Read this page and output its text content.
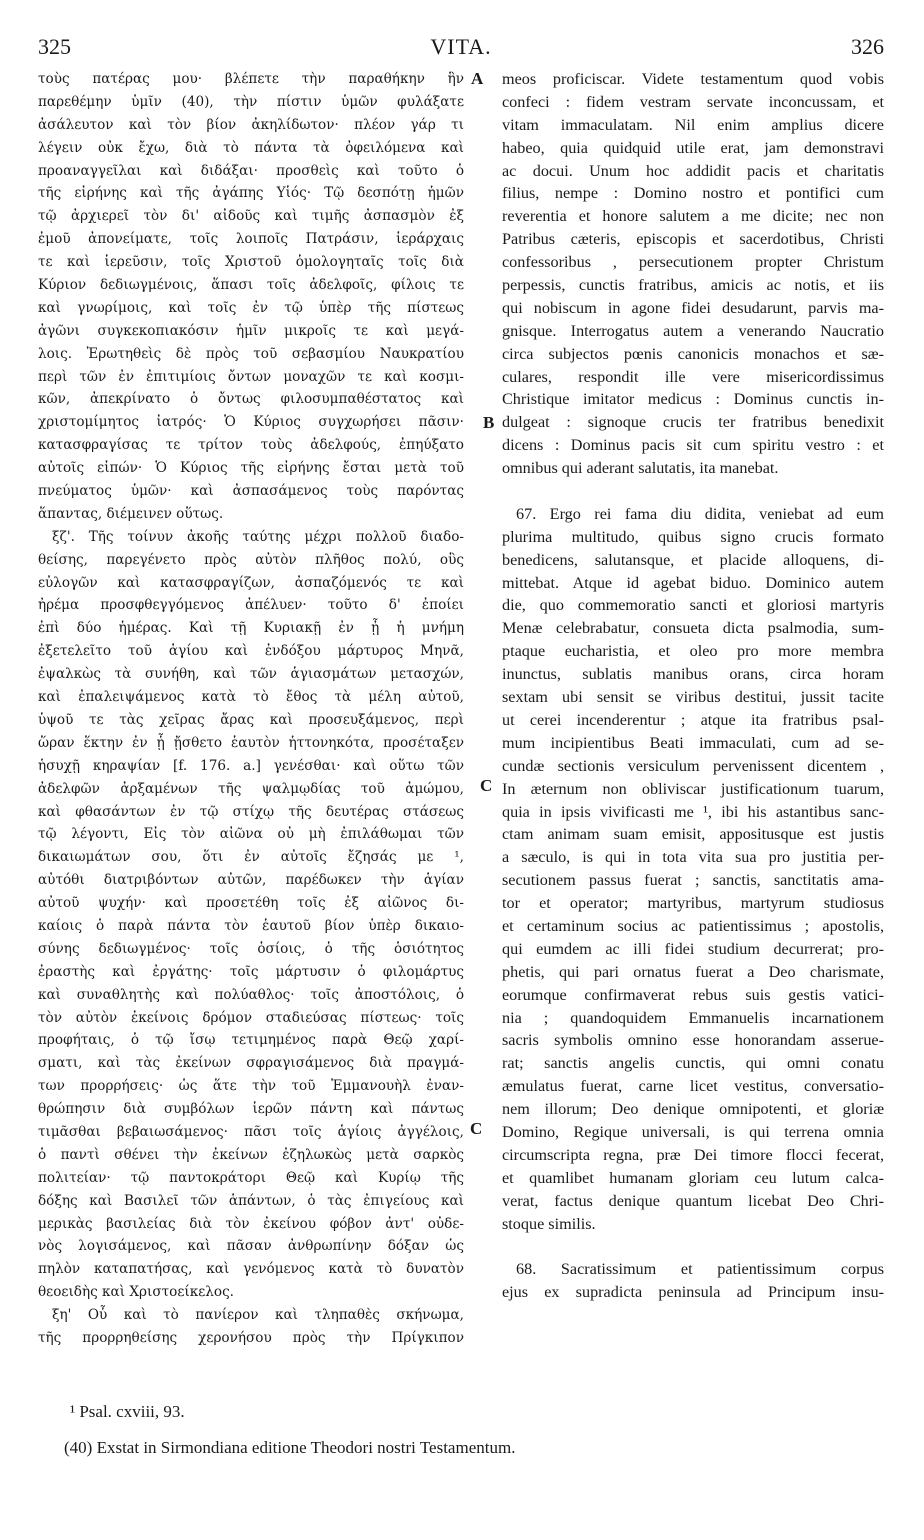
325	VITA.	326
τοὺς πατέρας μου· βλέπετε τὴν παραθήκην ἣν
παρεθέμην ὑμῖν (40), τὴν πίστιν ὑμῶν φυλάξατε
ἀσάλευτον καὶ τὸν βίον ἀκηλίδωτον· πλέον γάρ τι
λέγειν οὐκ ἔχω, διὰ τὸ πάντα τὰ ὀφειλόμενα καὶ
προαναγγεῖλαι καὶ διδάξαι· προσθεὶς καὶ τοῦτο ὁ
τῆς εἰρήνης καὶ τῆς ἀγάπης Υἱός· Τῷ δεσπότῃ ἡμῶν
τῷ ἀρχιερεῖ τὸν δι' αἰδοῦς καὶ τιμῆς ἀσπασμὸν ἐξ
ἐμοῦ ἀπονείματε, τοῖς λοιποῖς Πατράσιν, ἱεράρχαις
τε καὶ ἱερεῦσιν, τοῖς Χριστοῦ ὁμολογηταῖς τοῖς διὰ
Κύριον δεδιωγμένοις, ἅπασι τοῖς ἀδελφοῖς, φίλοις τε
καὶ γνωρίμοις, καὶ τοῖς ἐν τῷ ὑπὲρ τῆς πίστεως
ἀγῶνι συγκεκοπιακόσιν ἡμῖν μικροῖς τε καὶ μεγά-
λοις. Ἐρωτηθεὶς δὲ πρὸς τοῦ σεβασμίου Ναυκρατίου
περὶ τῶν ἐν ἐπιτιμίοις ὄντων μοναχῶν τε καὶ κοσμι-
κῶν, ἀπεκρίνατο ὁ ὄντως φιλοσυμπαθέστατος καὶ
χριστομίμητος ἰατρός· Ὁ Κύριος συγχωρήσει πᾶσιν·
κατασφραγίσας τε τρίτον τοὺς ἀδελφούς, ἐπηύξατο
αὐτοῖς εἰπών· Ὁ Κύριος τῆς εἰρήνης ἔσται μετὰ τοῦ
πνεύματος ὑμῶν· καὶ ἀσπασάμενος τοὺς παρόντας
ἅπαντας, διέμεινεν οὕτως.
ξζ'. Τῆς τοίνυν ἀκοῆς ταύτης μέχρι πολλοῦ διαδο-
θείσης, παρεγένετο πρὸς αὐτὸν πλῆθος πολύ, οὓς
εὐλογῶν καὶ κατασφραγίζων, ἀσπαζόμενός τε καὶ
ἠρέμα προσφθεγγόμενος ἀπέλυεν· τοῦτο δ' ἐποίει
ἐπὶ δύο ἡμέρας. Καὶ τῇ Κυριακῇ ἐν ᾗ ἡ μνήμη
ἐξετελεῖτο τοῦ ἁγίου καὶ ἐνδόξου μάρτυρος Μηνᾶ,
ἐψαλκὼς τὰ συνήθη, καὶ τῶν ἁγιασμάτων μετασχών,
καὶ ἐπαλειψάμενος κατὰ τὸ ἔθος τὰ μέλη αὐτοῦ,
ὑψοῦ τε τὰς χεῖρας ἄρας καὶ προσευξάμενος, περὶ
ὥραν ἕκτην ἐν ᾗ ᾔσθετο ἑαυτὸν ἡττονηκότα, προσέταξεν
ἡσυχῇ κηραψίαν [f. 176. a.] γενέσθαι· καὶ οὕτω τῶν
ἀδελφῶν ἀρξαμένων τῆς ψαλμῳδίας τοῦ ἀμώμου,
καὶ φθασάντων ἐν τῷ στίχῳ τῆς δευτέρας στάσεως
τῷ λέγοντι, Εἰς τὸν αἰῶνα οὐ μὴ ἐπιλάθωμαι τῶν
δικαιωμάτων σου, ὅτι ἐν αὐτοῖς ἔζησάς με ¹,
αὐτόθι διατριβόντων αὐτῶν, παρέδωκεν τὴν ἁγίαν
αὐτοῦ ψυχήν· καὶ προσετέθη τοῖς ἐξ αἰῶνος δι-
καίοις ὁ παρὰ πάντα τὸν ἑαυτοῦ βίον ὑπὲρ δικαιο-
σύνης δεδιωγμένος· τοῖς ὁσίοις, ὁ τῆς ὁσιότητος
ἐραστὴς καὶ ἐργάτης· τοῖς μάρτυσιν ὁ φιλομάρτυς
καὶ συναθλητὴς καὶ πολύαθλος· τοῖς ἀποστόλοις, ὁ
τὸν αὐτὸν ἐκείνοις δρόμον σταδιεύσας πίστεως· τοῖς
προφήταις, ὁ τῷ ἴσῳ τετιμημένος παρὰ Θεῷ χαρί-
σματι, καὶ τὰς ἐκείνων σφραγισάμενος διὰ πραγμά-
των προρρήσεις· ὡς ἅτε τὴν τοῦ Ἐμμανουὴλ ἐναν-
θρώπησιν διὰ συμβόλων ἱερῶν πάντη καὶ πάντως
τιμᾶσθαι βεβαιωσάμενος· πᾶσι τοῖς ἁγίοις ἀγγέλοις,
ὁ παντὶ σθένει τὴν ἐκείνων ἐζηλωκὼς μετὰ σαρκὸς
πολιτείαν· τῷ παντοκράτορι Θεῷ καὶ Κυρίῳ τῆς
δόξης καὶ Βασιλεῖ τῶν ἁπάντων, ὁ τὰς ἐπιγείους καὶ
μερικὰς βασιλείας διὰ τὸν ἐκείνου φόβον ἀντ' οὐδε-
νὸς λογισάμενος, καὶ πᾶσαν ἀνθρωπίνην δόξαν ὡς
πηλὸν καταπατήσας, καὶ γενόμενος κατὰ τὸ δυνατὸν
θεοειδὴς καὶ Χριστοείκελος.
ξη' Οὗ καὶ τὸ πανίερον καὶ τληπαθὲς σκήνωμα,
τῆς προρρηθείσης χερονήσου πρὸς τὴν Πρίγκιπον
meos proficiscar. Videte testamentum quod vobis
confeci : fidem vestram servate inconcussam, et
vitam immaculatam. Nil enim amplius dicere
habeo, quia quidquid utile erat, jam demonstravi
ac docui. Unum hoc addidit pacis et charitatis
filius, nempe : Domino nostro et pontifici cum
reverentia et honore salutem a me dicite; nec non
Patribus cæteris, episcopis et sacerdotibus, Christi
confessoribus , persecutionem propter Christum
perpessis, cunctis fratribus, amicis ac notis, et iis
qui nobiscum in agone fidei desudarunt, parvis ma-
gnisque. Interrogatus autem a venerando Naucratio
circa subjectos pœnis canonicis monachos et sæ-
culares, respondit ille vere misericordissimus
Christique imitator medicus : Dominus cunctis in-
dulgeat : signoque crucis ter fratribus benedixit
dicens : Dominus pacis sit cum spiritu vestro : et
omnibus qui aderant salutatis, ita manebat.
67. Ergo rei fama diu didita, veniebat ad eum
plurima multitudo, quibus signo crucis formato
benedicens, salutansque, et placide alloquens, di-
mittebat. Atque id agebat biduo. Dominico autem
die, quo commemoratio sancti et gloriosi martyris
Menæ celebrabatur, consueta dicta psalmodia, sum-
ptaque eucharistia, et oleo pro more membra
inunctus, sublatis manibus orans, circa horam
sextam ubi sensit se viribus destitui, jussit tacite
ut cerei incenderentur ; atque ita fratribus psal-
mum incipientibus Beati immaculati, cum ad se-
cundæ sectionis versiculum pervenissent dicentem ,
In æternum non obliviscar justificationum tuarum,
quia in ipsis vivificasti me ¹, ibi his astantibus sanc-
ctam animam suam emisit, appositusque est justis
a sæculo, is qui in tota vita sua pro justitia per-
secutionem passus fuerat ; sanctis, sanctitatis ama-
tor et operator; martyribus, martyrum studiosus
et certaminum socius ac patientissimus ; apostolis,
qui eumdem ac illi fidei studium decurrerat; pro-
phetis, qui pari ornatus fuerat a Deo charismate,
eorumque confirmaverat rebus suis gestis vatici-
nia ; quandoquidem Emmanuelis incarnationem
sacris symbolis omnino esse honorandam asserue-
rat; sanctis angelis cunctis, qui omni conatu
æmulatus fuerat, carne licet vestitus, conversatio-
nem illorum; Deo denique omnipotenti, et gloriæ
Domino, Regique universali, is qui terrena omnia
circumscripta regna, præ Dei timore flocci fecerat,
et quamlibet humanam gloriam ceu lutum calca-
verat, factus denique quantum licebat Deo Chri-
stoque similis.
68. Sacratissimum et patientissimum corpus
ejus ex supradicta peninsula ad Principum insu-
A
B
C
C
¹ Psal. cxviii, 93.
(40) Exstat in Sirmondiana editione Theodori nostri Testamentum.
